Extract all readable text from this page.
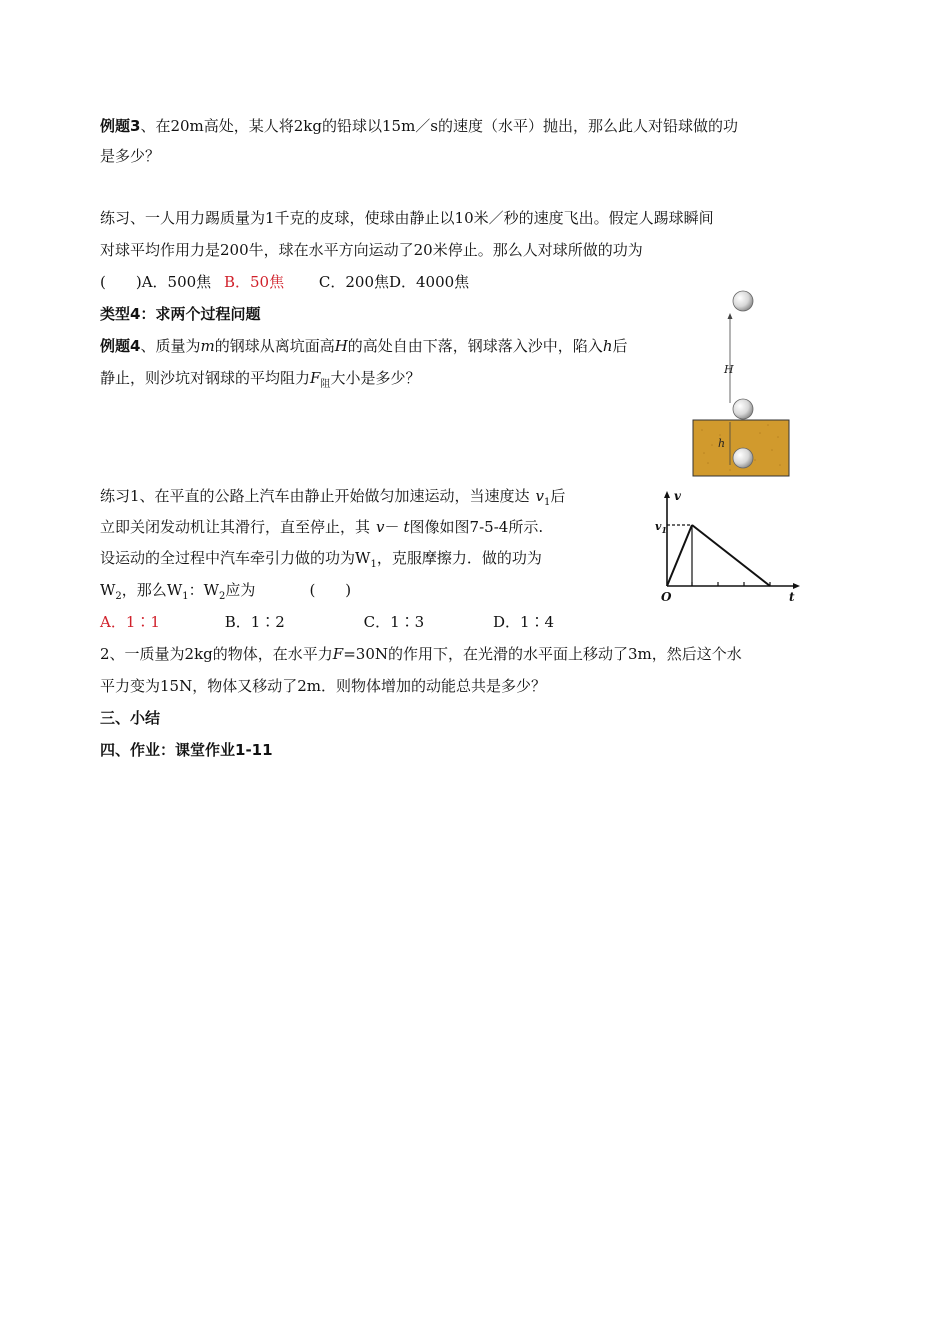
例题3、在20m高处，某人将2kg的铅球以15m／s的速度（水平）抛出，那么此人对铅球做的功
是多少？
练习、一人用力踢质量为1千克的皮球，使球由静止以10米／秒的速度飞出。假定人踢球瞬间
对球平均作用力是200牛，球在水平方向运动了20米停止。那么人对球所做的功为
(　　)A．500焦 B．50焦 C．200焦D．4000焦
类型4：求两个过程问题
例题4、质量为m的钢球从离坑面高H的高处自由下落，钢球落入沙中，陷入h后
静止，则沙坑对钢球的平均阻力$F_阻$大小是多少？	H
h
练习1、在平直的公路上汽车由静止开始做匀加速运动，当速度达 $v_1$后
立即关闭发动机让其滑行，直至停止，其 v－ t图像如图7-5-4所示.
设运动的全过程中汽车牵引力做的功为$W_1$，克服摩擦力．做的功为
$W_2$，那么$W_1$：$W_2$应为	(　　)
A．1∶1	B．1∶2	C．1∶3	D．1∶4
v
$v_1$
O	t
2、一质量为2kg的物体，在水平力F=30N的作用下，在光滑的水平面上移动了3m，然后这个水
平力变为15N，物体又移动了2m．则物体增加的动能总共是多少？
三、小结
四、作业：课堂作业1-11
